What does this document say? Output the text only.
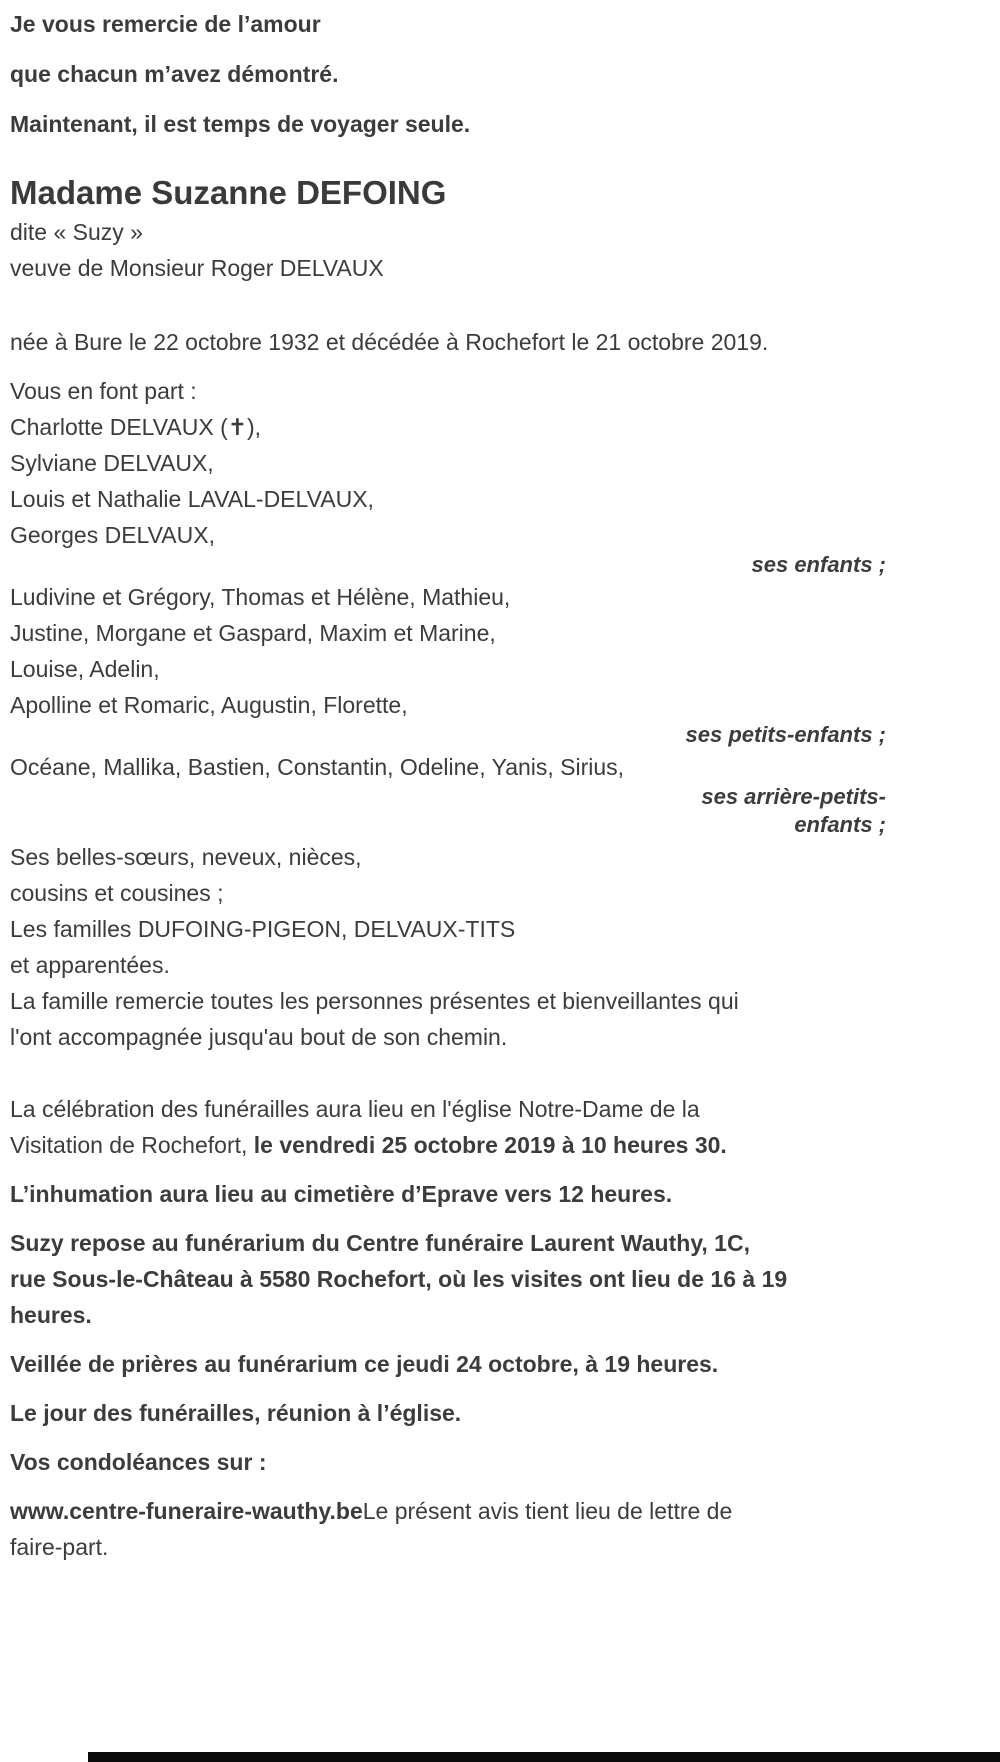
Je vous remercie de l’amour
que chacun m’avez démontré.
Maintenant, il est temps de voyager seule.
Madame Suzanne DEFOING
dite « Suzy »
veuve de Monsieur Roger DELVAUX
née à Bure le 22 octobre 1932 et décédée à Rochefort le 21 octobre 2019.
Vous en font part :
Charlotte DELVAUX (✝),
Sylviane DELVAUX,
Louis et Nathalie LAVAL-DELVAUX,
Georges DELVAUX,
ses enfants ;
Ludivine et Grégory, Thomas et Hélène, Mathieu,
Justine, Morgane et Gaspard, Maxim et Marine,
Louise, Adelin,
Apolline et Romaric, Augustin, Florette,
ses petits-enfants ;
Océane, Mallika, Bastien, Constantin, Odeline, Yanis, Sirius,
ses arrière-petits-enfants ;
Ses belles-sœurs, neveux, nièces,
cousins et cousines ;
Les familles DUFOING-PIGEON, DELVAUX-TITS
et apparentées.
La famille remercie toutes les personnes présentes et bienveillantes qui
l'ont accompagnée jusqu'au bout de son chemin.
La célébration des funérailles aura lieu en l'église Notre-Dame de la
Visitation de Rochefort, le vendredi 25 octobre 2019 à 10 heures 30.
L’inhumation aura lieu au cimetière d’Eprave vers 12 heures.
Suzy repose au funérarium du Centre funéraire Laurent Wauthy, 1C,
rue Sous-le-Château à 5580 Rochefort, où les visites ont lieu de 16 à 19
heures.
Veillée de prières au funérarium ce jeudi 24 octobre, à 19 heures.
Le jour des funérailles, réunion à l’église.
Vos condoléances sur :
www.centre-funeraire-wauthy.beLe présent avis tient lieu de lettre de
faire-part.
